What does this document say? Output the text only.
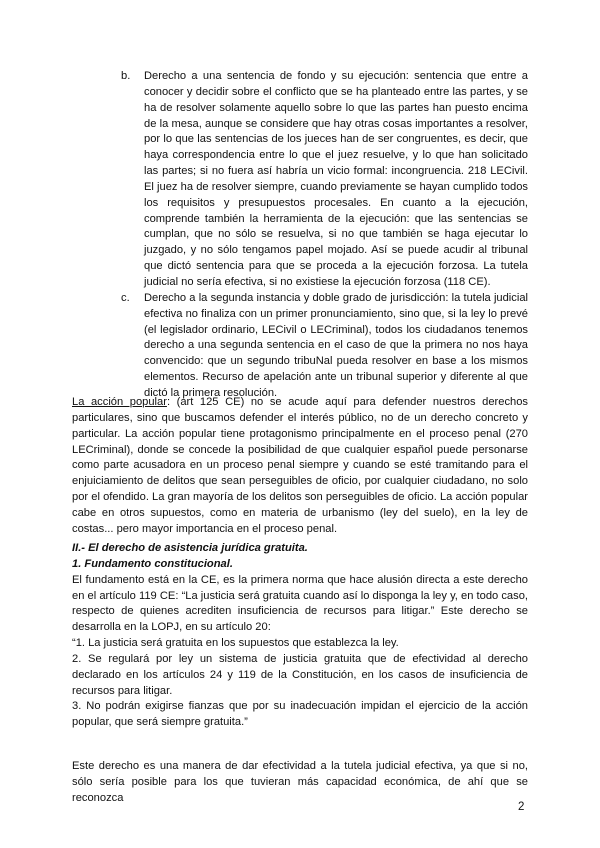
b. Derecho a una sentencia de fondo y su ejecución: sentencia que entre a conocer y decidir sobre el conflicto que se ha planteado entre las partes, y se ha de resolver solamente aquello sobre lo que las partes han puesto encima de la mesa, aunque se considere que hay otras cosas importantes a resolver, por lo que las sentencias de los jueces han de ser congruentes, es decir, que haya correspondencia entre lo que el juez resuelve, y lo que han solicitado las partes; si no fuera así habría un vicio formal: incongruencia. 218 LECivil. El juez ha de resolver siempre, cuando previamente se hayan cumplido todos los requisitos y presupuestos procesales. En cuanto a la ejecución, comprende también la herramienta de la ejecución: que las sentencias se cumplan, que no sólo se resuelva, si no que también se haga ejecutar lo juzgado, y no sólo tengamos papel mojado. Así se puede acudir al tribunal que dictó sentencia para que se proceda a la ejecución forzosa. La tutela judicial no sería efectiva, si no existiese la ejecución forzosa (118 CE).

c. Derecho a la segunda instancia y doble grado de jurisdicción: la tutela judicial efectiva no finaliza con un primer pronunciamiento, sino que, si la ley lo prevé (el legislador ordinario, LECivil o LECriminal), todos los ciudadanos tenemos derecho a una segunda sentencia en el caso de que la primera no nos haya convencido: que un segundo tribuNal pueda resolver en base a los mismos elementos. Recurso de apelación ante un tribunal superior y diferente al que dictó la primera resolución.

La acción popular: (art 125 CE) no se acude aquí para defender nuestros derechos particulares, sino que buscamos defender el interés público, no de un derecho concreto y particular. La acción popular tiene protagonismo principalmente en el proceso penal (270 LECriminal), donde se concede la posibilidad de que cualquier español puede personarse como parte acusadora en un proceso penal siempre y cuando se esté tramitando para el enjuiciamiento de delitos que sean perseguibles de oficio, por cualquier ciudadano, no solo por el ofendido. La gran mayoría de los delitos son perseguibles de oficio. La acción popular cabe en otros supuestos, como en materia de urbanismo (ley del suelo), en la ley de costas... pero mayor importancia en el proceso penal.

II.- El derecho de asistencia jurídica gratuita.

1. Fundamento constitucional.

El fundamento está en la CE, es la primera norma que hace alusión directa a este derecho en el artículo 119 CE: “La justicia será gratuita cuando así lo disponga la ley y, en todo caso, respecto de quienes acrediten insuficiencia de recursos para litigar.” Este derecho se desarrolla en la LOPJ, en su artículo 20:

“1. La justicia será gratuita en los supuestos que establezca la ley.

2. Se regulará por ley un sistema de justicia gratuita que de efectividad al derecho declarado en los artículos 24 y 119 de la Constitución, en los casos de insuficiencia de recursos para litigar.

3. No podrán exigirse fianzas que por su inadecuación impidan el ejercicio de la acción popular, que será siempre gratuita.”

Este derecho es una manera de dar efectividad a la tutela judicial efectiva, ya que si no, sólo sería posible para los que tuvieran más capacidad económica, de ahí que se reconozca

2
